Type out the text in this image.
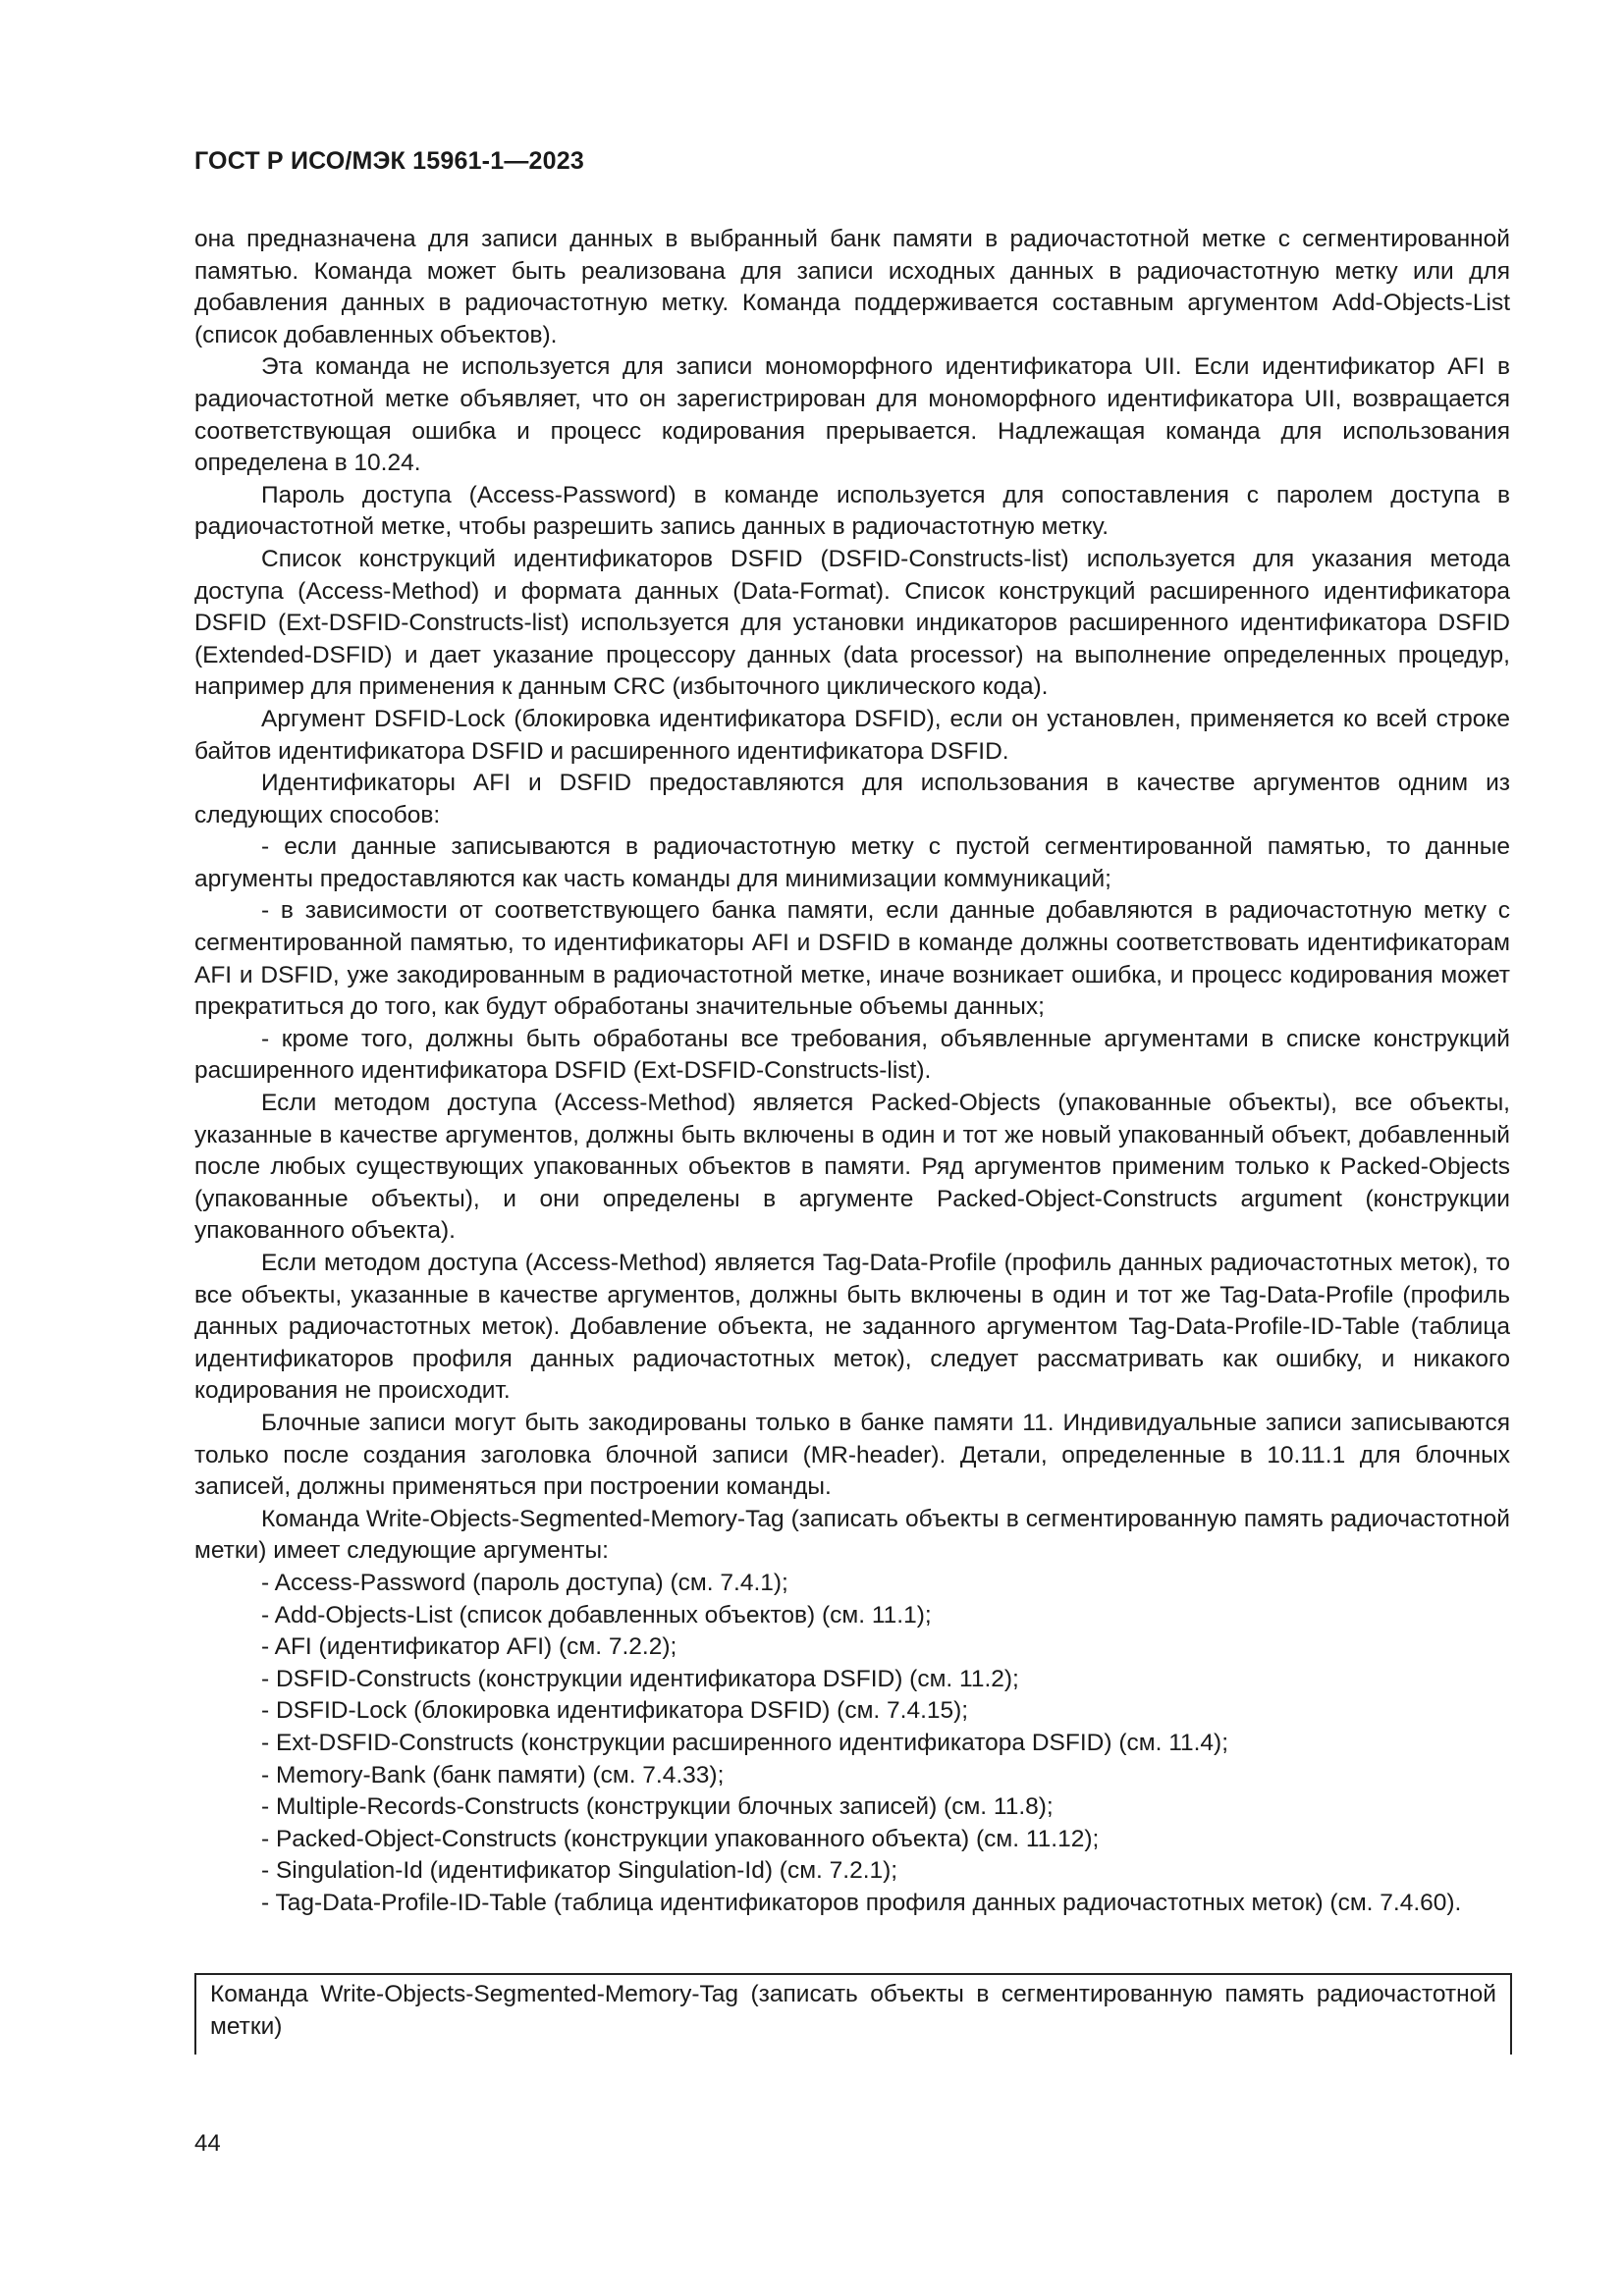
ГОСТ Р ИСО/МЭК 15961-1—2023

она предназначена для записи данных в выбранный банк памяти в радиочастотной метке с сегментированной памятью. Команда может быть реализована для записи исходных данных в радиочастотную метку или для добавления данных в радиочастотную метку. Команда поддерживается составным аргументом Add-Objects-List (список добавленных объектов).

Эта команда не используется для записи мономорфного идентификатора UII. Если идентификатор AFI в радиочастотной метке объявляет, что он зарегистрирован для мономорфного идентификатора UII, возвращается соответствующая ошибка и процесс кодирования прерывается. Надлежащая команда для использования определена в 10.24.

Пароль доступа (Access-Password) в команде используется для сопоставления с паролем доступа в радиочастотной метке, чтобы разрешить запись данных в радиочастотную метку.

Список конструкций идентификаторов DSFID (DSFID-Constructs-list) используется для указания метода доступа (Access-Method) и формата данных (Data-Format). Список конструкций расширенного идентификатора DSFID (Ext-DSFID-Constructs-list) используется для установки индикаторов расширенного идентификатора DSFID (Extended-DSFID) и дает указание процессору данных (data processor) на выполнение определенных процедур, например для применения к данным CRC (избыточного циклического кода).

Аргумент DSFID-Lock (блокировка идентификатора DSFID), если он установлен, применяется ко всей строке байтов идентификатора DSFID и расширенного идентификатора DSFID.

Идентификаторы AFI и DSFID предоставляются для использования в качестве аргументов одним из следующих способов:

- если данные записываются в радиочастотную метку с пустой сегментированной памятью, то данные аргументы предоставляются как часть команды для минимизации коммуникаций;

- в зависимости от соответствующего банка памяти, если данные добавляются в радиочастотную метку с сегментированной памятью, то идентификаторы AFI и DSFID в команде должны соответствовать идентификаторам AFI и DSFID, уже закодированным в радиочастотной метке, иначе возникает ошибка, и процесс кодирования может прекратиться до того, как будут обработаны значительные объемы данных;

- кроме того, должны быть обработаны все требования, объявленные аргументами в списке конструкций расширенного идентификатора DSFID (Ext-DSFID-Constructs-list).

Если методом доступа (Access-Method) является Packed-Objects (упакованные объекты), все объекты, указанные в качестве аргументов, должны быть включены в один и тот же новый упакованный объект, добавленный после любых существующих упакованных объектов в памяти. Ряд аргументов применим только к Packed-Objects (упакованные объекты), и они определены в аргументе Packed-Object-Constructs argument (конструкции упакованного объекта).

Если методом доступа (Access-Method) является Tag-Data-Profile (профиль данных радиочастотных меток), то все объекты, указанные в качестве аргументов, должны быть включены в один и тот же Tag-Data-Profile (профиль данных радиочастотных меток). Добавление объекта, не заданного аргументом Tag-Data-Profile-ID-Table (таблица идентификаторов профиля данных радиочастотных меток), следует рассматривать как ошибку, и никакого кодирования не происходит.

Блочные записи могут быть закодированы только в банке памяти 11. Индивидуальные записи записываются только после создания заголовка блочной записи (MR-header). Детали, определенные в 10.11.1 для блочных записей, должны применяться при построении команды.

Команда Write-Objects-Segmented-Memory-Tag (записать объекты в сегментированную память радиочастотной метки) имеет следующие аргументы:

- Access-Password (пароль доступа) (см. 7.4.1);

- Add-Objects-List (список добавленных объектов) (см. 11.1);

- AFI (идентификатор AFI) (см. 7.2.2);

- DSFID-Constructs (конструкции идентификатора DSFID) (см. 11.2);

- DSFID-Lock (блокировка идентификатора DSFID) (см. 7.4.15);

- Ext-DSFID-Constructs (конструкции расширенного идентификатора DSFID) (см. 11.4);

- Memory-Bank (банк памяти) (см. 7.4.33);

- Multiple-Records-Constructs (конструкции блочных записей) (см. 11.8);

- Packed-Object-Constructs (конструкции упакованного объекта) (см. 11.12);

- Singulation-Id (идентификатор Singulation-Id) (см. 7.2.1);

- Tag-Data-Profile-ID-Table (таблица идентификаторов профиля данных радиочастотных меток) (см. 7.4.60).

Команда Write-Objects-Segmented-Memory-Tag (записать объекты в сегментированную память радиочастотной метки)
44
